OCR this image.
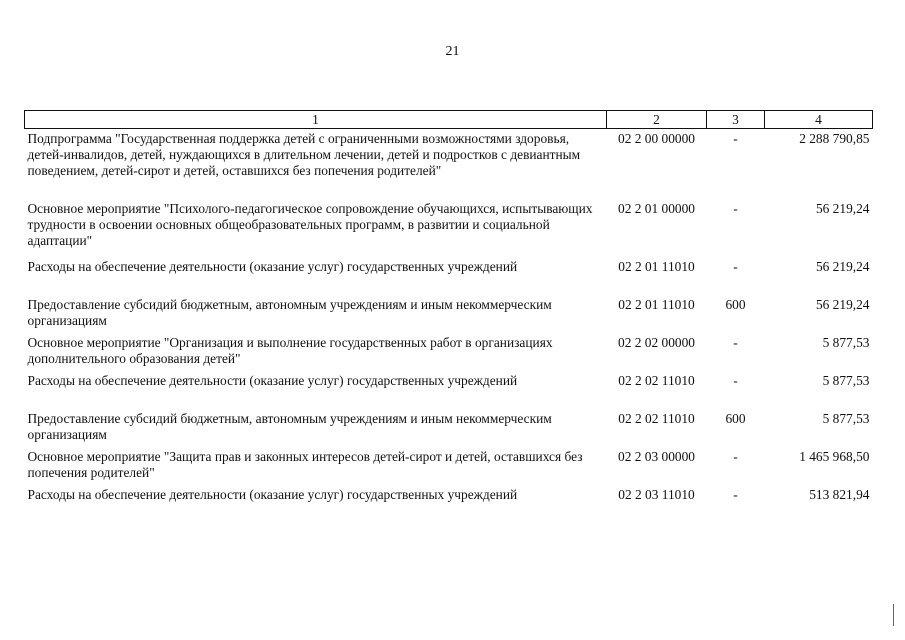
21
1	2	3	4
Подпрограмма "Государственная поддержка детей с ограниченными возможностями здоровья, детей-инвалидов, детей, нуждающихся в длительном лечении, детей и подростков с девиантным поведением, детей-сирот и детей, оставшихся без попечения родителей"	02 2 00 00000	-	2 288 790,85
Основное мероприятие "Психолого-педагогическое сопровождение обучающихся, испытывающих трудности в освоении основных общеобразовательных программ, в развитии и социальной адаптации"	02 2 01 00000	-	56 219,24
Расходы на обеспечение деятельности (оказание услуг) государственных учреждений	02 2 01 11010	-	56 219,24
Предоставление субсидий бюджетным, автономным учреждениям и иным некоммерческим организациям	02 2 01 11010	600	56 219,24
Основное мероприятие "Организация и выполнение государственных работ в организациях дополнительного образования детей"	02 2 02 00000	-	5 877,53
Расходы на обеспечение деятельности (оказание услуг) государственных учреждений	02 2 02 11010	-	5 877,53
Предоставление субсидий бюджетным, автономным учреждениям и иным некоммерческим организациям	02 2 02 11010	600	5 877,53
Основное мероприятие "Защита прав и законных интересов детей-сирот и детей, оставшихся без попечения родителей"	02 2 03 00000	-	1 465 968,50
Расходы на обеспечение деятельности (оказание услуг) государственных учреждений	02 2 03 11010	-	513 821,94
